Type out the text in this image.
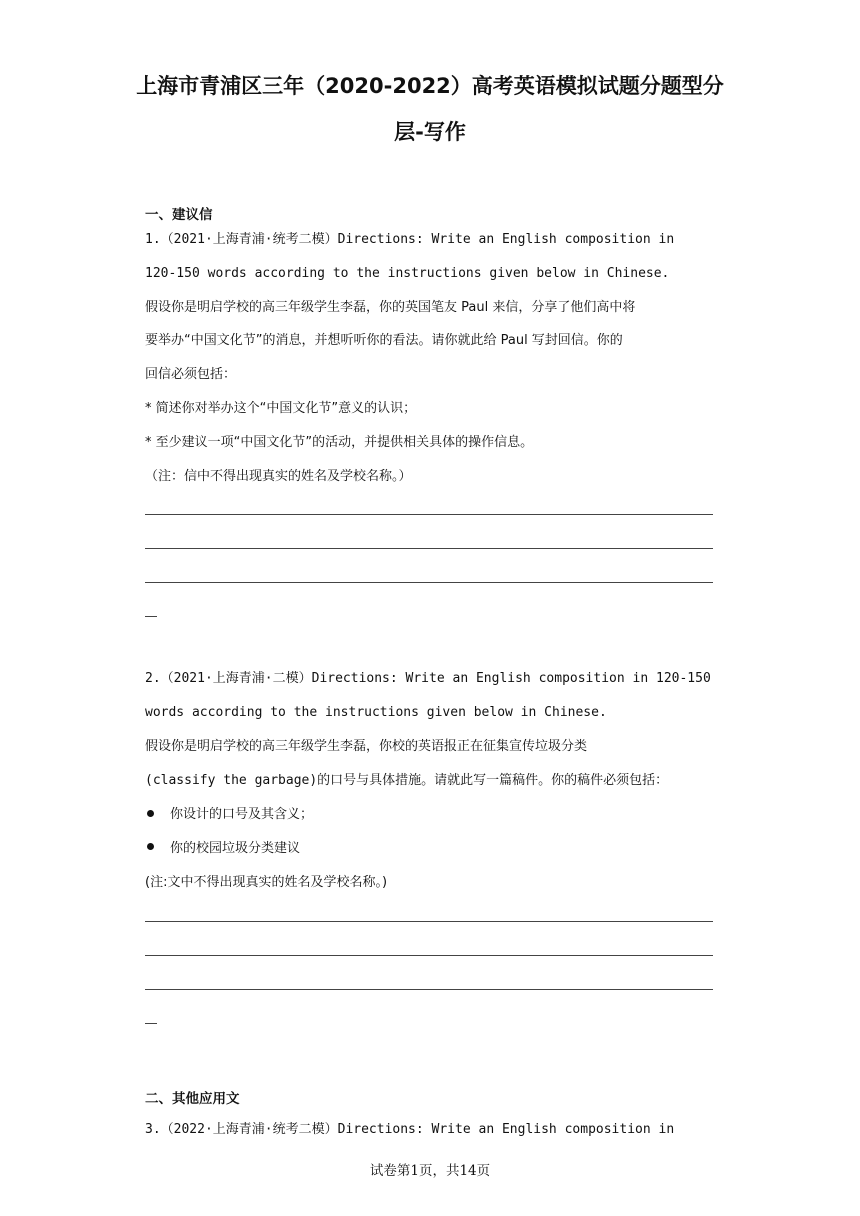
上海市青浦区三年（2020-2022）高考英语模拟试题分题型分
层-写作
一、建议信
1.（2021·上海青浦·统考二模）Directions: Write an English composition in
120-150 words according to the instructions given below in Chinese.
假设你是明启学校的高三年级学生李磊，你的英国笔友 Paul 来信，分享了他们高中将
要举办“中国文化节”的消息，并想听听你的看法。请你就此给 Paul 写封回信。你的
回信必须包括：
* 简述你对举办这个“中国文化节”意义的认识；
* 至少建议一项“中国文化节”的活动，并提供相关具体的操作信息。
（注：信中不得出现真实的姓名及学校名称。）
2.（2021·上海青浦·二模）Directions: Write an English composition in 120-150
words according to the instructions given below in Chinese.
假设你是明启学校的高三年级学生李磊，你校的英语报正在征集宣传垃圾分类
(classify the garbage)的口号与具体措施。请就此写一篇稿件。你的稿件必须包括：
你设计的口号及其含义；
你的校园垃圾分类建议
(注:文中不得出现真实的姓名及学校名称。)
二、其他应用文
3.（2022·上海青浦·统考二模）Directions: Write an English composition in
试卷第1页，共14页
